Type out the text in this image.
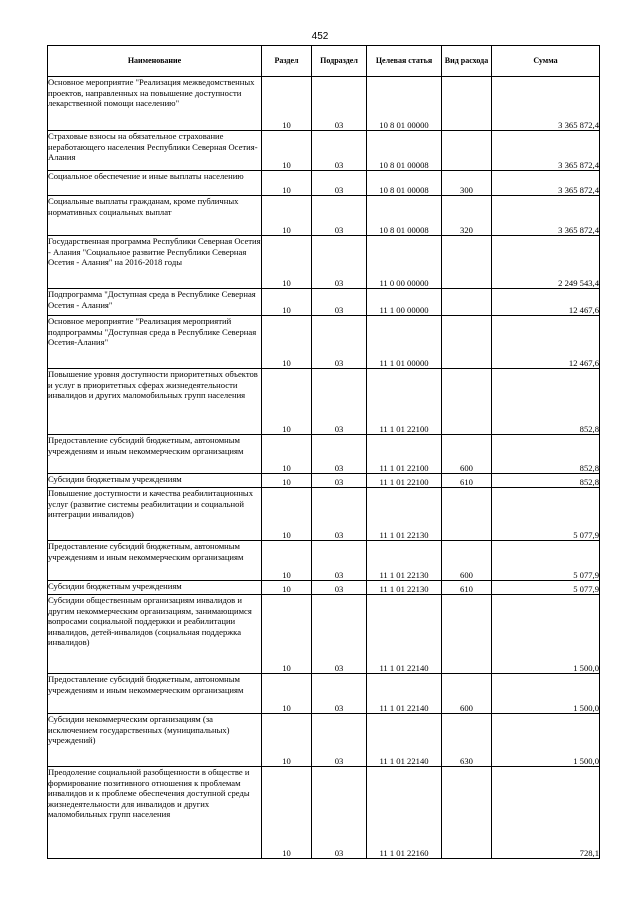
452
Наименование	Раздел	Подраздел	Целевая статья	Вид расхода	Сумма
Основное мероприятие "Реализация межведомственных проектов, направленных на повышение доступности лекарственной помощи населению"	10	03	10 8 01 00000		3 365 872,4
Страховые взносы на обязательное страхование неработающего населения Республики Северная Осетия-Алания	10	03	10 8 01 00008		3 365 872,4
Социальное обеспечение и иные выплаты населению	10	03	10 8 01 00008	300	3 365 872,4
Социальные выплаты гражданам, кроме публичных нормативных социальных выплат	10	03	10 8 01 00008	320	3 365 872,4
Государственная программа Республики Северная Осетия - Алания "Социальное развитие Республики Северная Осетия - Алания" на 2016-2018 годы	10	03	11 0 00 00000		2 249 543,4
Подпрограмма "Доступная среда в Республике Северная Осетия - Алания"	10	03	11 1 00 00000		12 467,6
Основное мероприятие "Реализация мероприятий подпрограммы "Доступная среда в Республике Северная Осетия-Алания"	10	03	11 1 01 00000		12 467,6
Повышение уровня доступности приоритетных объектов и услуг в приоритетных сферах жизнедеятельности инвалидов и других маломобильных групп населения	10	03	11 1 01 22100		852,8
Предоставление субсидий бюджетным, автономным учреждениям и иным некоммерческим организациям	10	03	11 1 01 22100	600	852,8
Субсидии бюджетным учреждениям	10	03	11 1 01 22100	610	852,8
Повышение доступности и качества реабилитационных услуг (развитие системы реабилитации и социальной интеграции инвалидов)	10	03	11 1 01 22130		5 077,9
Предоставление субсидий бюджетным, автономным учреждениям и иным некоммерческим организациям	10	03	11 1 01 22130	600	5 077,9
Субсидии бюджетным учреждениям	10	03	11 1 01 22130	610	5 077,9
Субсидии общественным организациям инвалидов и другим некоммерческим организациям, занимающимся вопросами социальной поддержки и реабилитации инвалидов, детей-инвалидов (социальная поддержка инвалидов)	10	03	11 1 01 22140		1 500,0
Предоставление субсидий бюджетным, автономным учреждениям и иным некоммерческим организациям	10	03	11 1 01 22140	600	1 500,0
Субсидии некоммерческим организациям (за исключением государственных (муниципальных) учреждений)	10	03	11 1 01 22140	630	1 500,0
Преодоление социальной разобщенности в обществе и формирование позитивного отношения к проблемам инвалидов и к проблеме обеспечения доступной среды жизнедеятельности для инвалидов и других маломобильных групп населения	10	03	11 1 01 22160		728,1
